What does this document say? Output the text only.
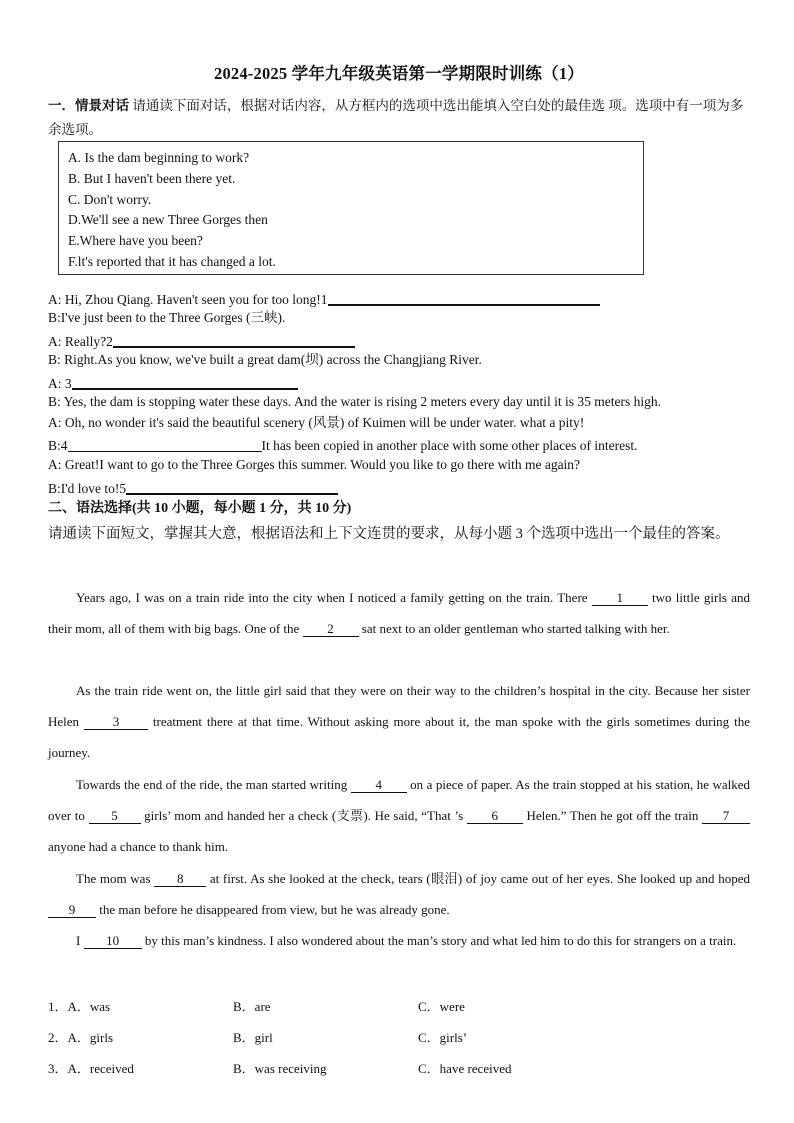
2024-2025 学年九年级英语第一学期限时训练（1）
一．情景对话 请通读下面对话，根据对话内容，从方框内的选项中选出能填入空白处的最佳选 项。选项中有一项为多余选项。
A. Is the dam beginning to work?
B. But I haven't been there yet.
C. Don't worry.
D.We'll see a new Three Gorges then
E.Where have you been?
F.lt's reported that it has changed a lot.
A: Hi, Zhou Qiang. Haven't seen you for too long!1
B:I've just been to the Three Gorges (三峡).
A: Really?2
B: Right.As you know, we've built a great dam(坝) across the Changjiang River.
A: 3
B: Yes, the dam is stopping water these days. And the water is rising 2 meters every day until it is 35 meters high.
A: Oh, no wonder it's said the beautiful scenery (风景) of Kuimen will be under water. what a pity!
B:4	It has been copied in another place with some other places of interest.
A: Great!I want to go to the Three Gorges this summer. Would you like to go there with me again?
B:I'd love to!5
二、语法选择(共 10 小题，每小题 1 分，共 10 分)
请通读下面短文，掌握其大意，根据语法和上下文连贯的要求，从每小题 3 个选项中选出一个最佳的答案。
Years ago, I was on a train ride into the city when I noticed a family getting on the train. There 1 two little girls and their mom, all of them with big bags. One of the 2 sat next to an older gentleman who started talking with her.
As the train ride went on, the little girl said that they were on their way to the children’s hospital in the city. Because her sister Helen 3 treatment there at that time. Without asking more about it, the man spoke with the girls sometimes during the journey.
Towards the end of the ride, the man started writing 4 on a piece of paper. As the train stopped at his station, he walked over to 5 girls’ mom and handed her a check (支票). He said, “That ’s 6 Helen.” Then he got off the train 7 anyone had a chance to thank him.
The mom was 8 at first. As she looked at the check, tears (眼泪) of joy came out of her eyes. She looked up and hoped 9 the man before he disappeared from view, but he was already gone.
I 10 by this man’s kindness. I also wondered about the man’s story and what led him to do this for strangers on a train.
1．A．was	B．are	C．were
2．A．girls	B．girl	C．girls’
3．A．received	B．was receiving	C．have received
